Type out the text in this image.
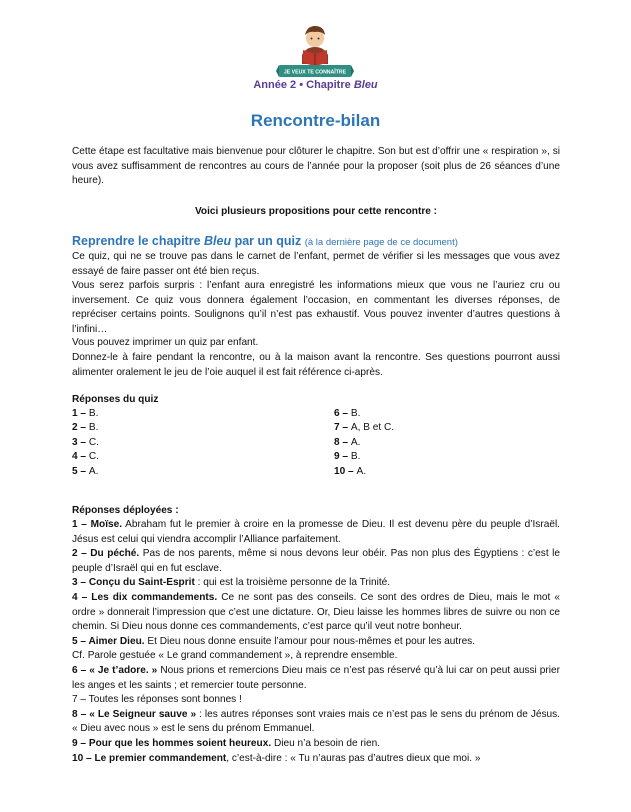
JE VEUX TE CONNAÎTRE
Année 2 • Chapitre Bleu
Rencontre-bilan
Cette étape est facultative mais bienvenue pour clôturer le chapitre. Son but est d’offrir une « respiration », si vous avez suffisamment de rencontres au cours de l’année pour la proposer (soit plus de 26 séances d’une heure).
Voici plusieurs propositions pour cette rencontre :
Reprendre le chapitre Bleu par un quiz (à la dernière page de ce document)
Ce quiz, qui ne se trouve pas dans le carnet de l’enfant, permet de vérifier si les messages que vous avez essayé de faire passer ont été bien reçus.
Vous serez parfois surpris : l’enfant aura enregistré les informations mieux que vous ne l’auriez cru ou inversement. Ce quiz vous donnera également l’occasion, en commentant les diverses réponses, de repréciser certains points. Soulignons qu’il n’est pas exhaustif. Vous pouvez inventer d’autres questions à l’infini…
Vous pouvez imprimer un quiz par enfant.
Donnez-le à faire pendant la rencontre, ou à la maison avant la rencontre. Ses questions pourront aussi alimenter oralement le jeu de l’oie auquel il est fait référence ci-après.
Réponses du quiz
1 – B.
2 – B.
3 – C.
4 – C.
5 – A.
6 – B.
7 – A, B et C.
8 – A.
9 – B.
10 – A.
Réponses déployées :

1 – Moïse. Abraham fut le premier à croire en la promesse de Dieu. Il est devenu père du peuple d’Israël. Jésus est celui qui viendra accomplir l’Alliance parfaitement.

2 – Du péché. Pas de nos parents, même si nous devons leur obéir. Pas non plus des Égyptiens : c’est le peuple d’Israël qui en fut esclave.

3 – Conçu du Saint-Esprit : qui est la troisième personne de la Trinité.

4 – Les dix commandements. Ce ne sont pas des conseils. Ce sont des ordres de Dieu, mais le mot « ordre » donnerait l’impression que c’est une dictature. Or, Dieu laisse les hommes libres de suivre ou non ce chemin. Si Dieu nous donne ces commandements, c’est parce qu’il veut notre bonheur.

5 – Aimer Dieu. Et Dieu nous donne ensuite l’amour pour nous-mêmes et pour les autres.

Cf. Parole gestuée « Le grand commandement », à reprendre ensemble.

6 – « Je t’adore. » Nous prions et remercions Dieu mais ce n’est pas réservé qu’à lui car on peut aussi prier les anges et les saints ; et remercier toute personne.

7 – Toutes les réponses sont bonnes !

8 – « Le Seigneur sauve » : les autres réponses sont vraies mais ce n’est pas le sens du prénom de Jésus. « Dieu avec nous » est le sens du prénom Emmanuel.

9 – Pour que les hommes soient heureux. Dieu n’a besoin de rien.

10 – Le premier commandement, c’est-à-dire : « Tu n’auras pas d’autres dieux que moi. »
